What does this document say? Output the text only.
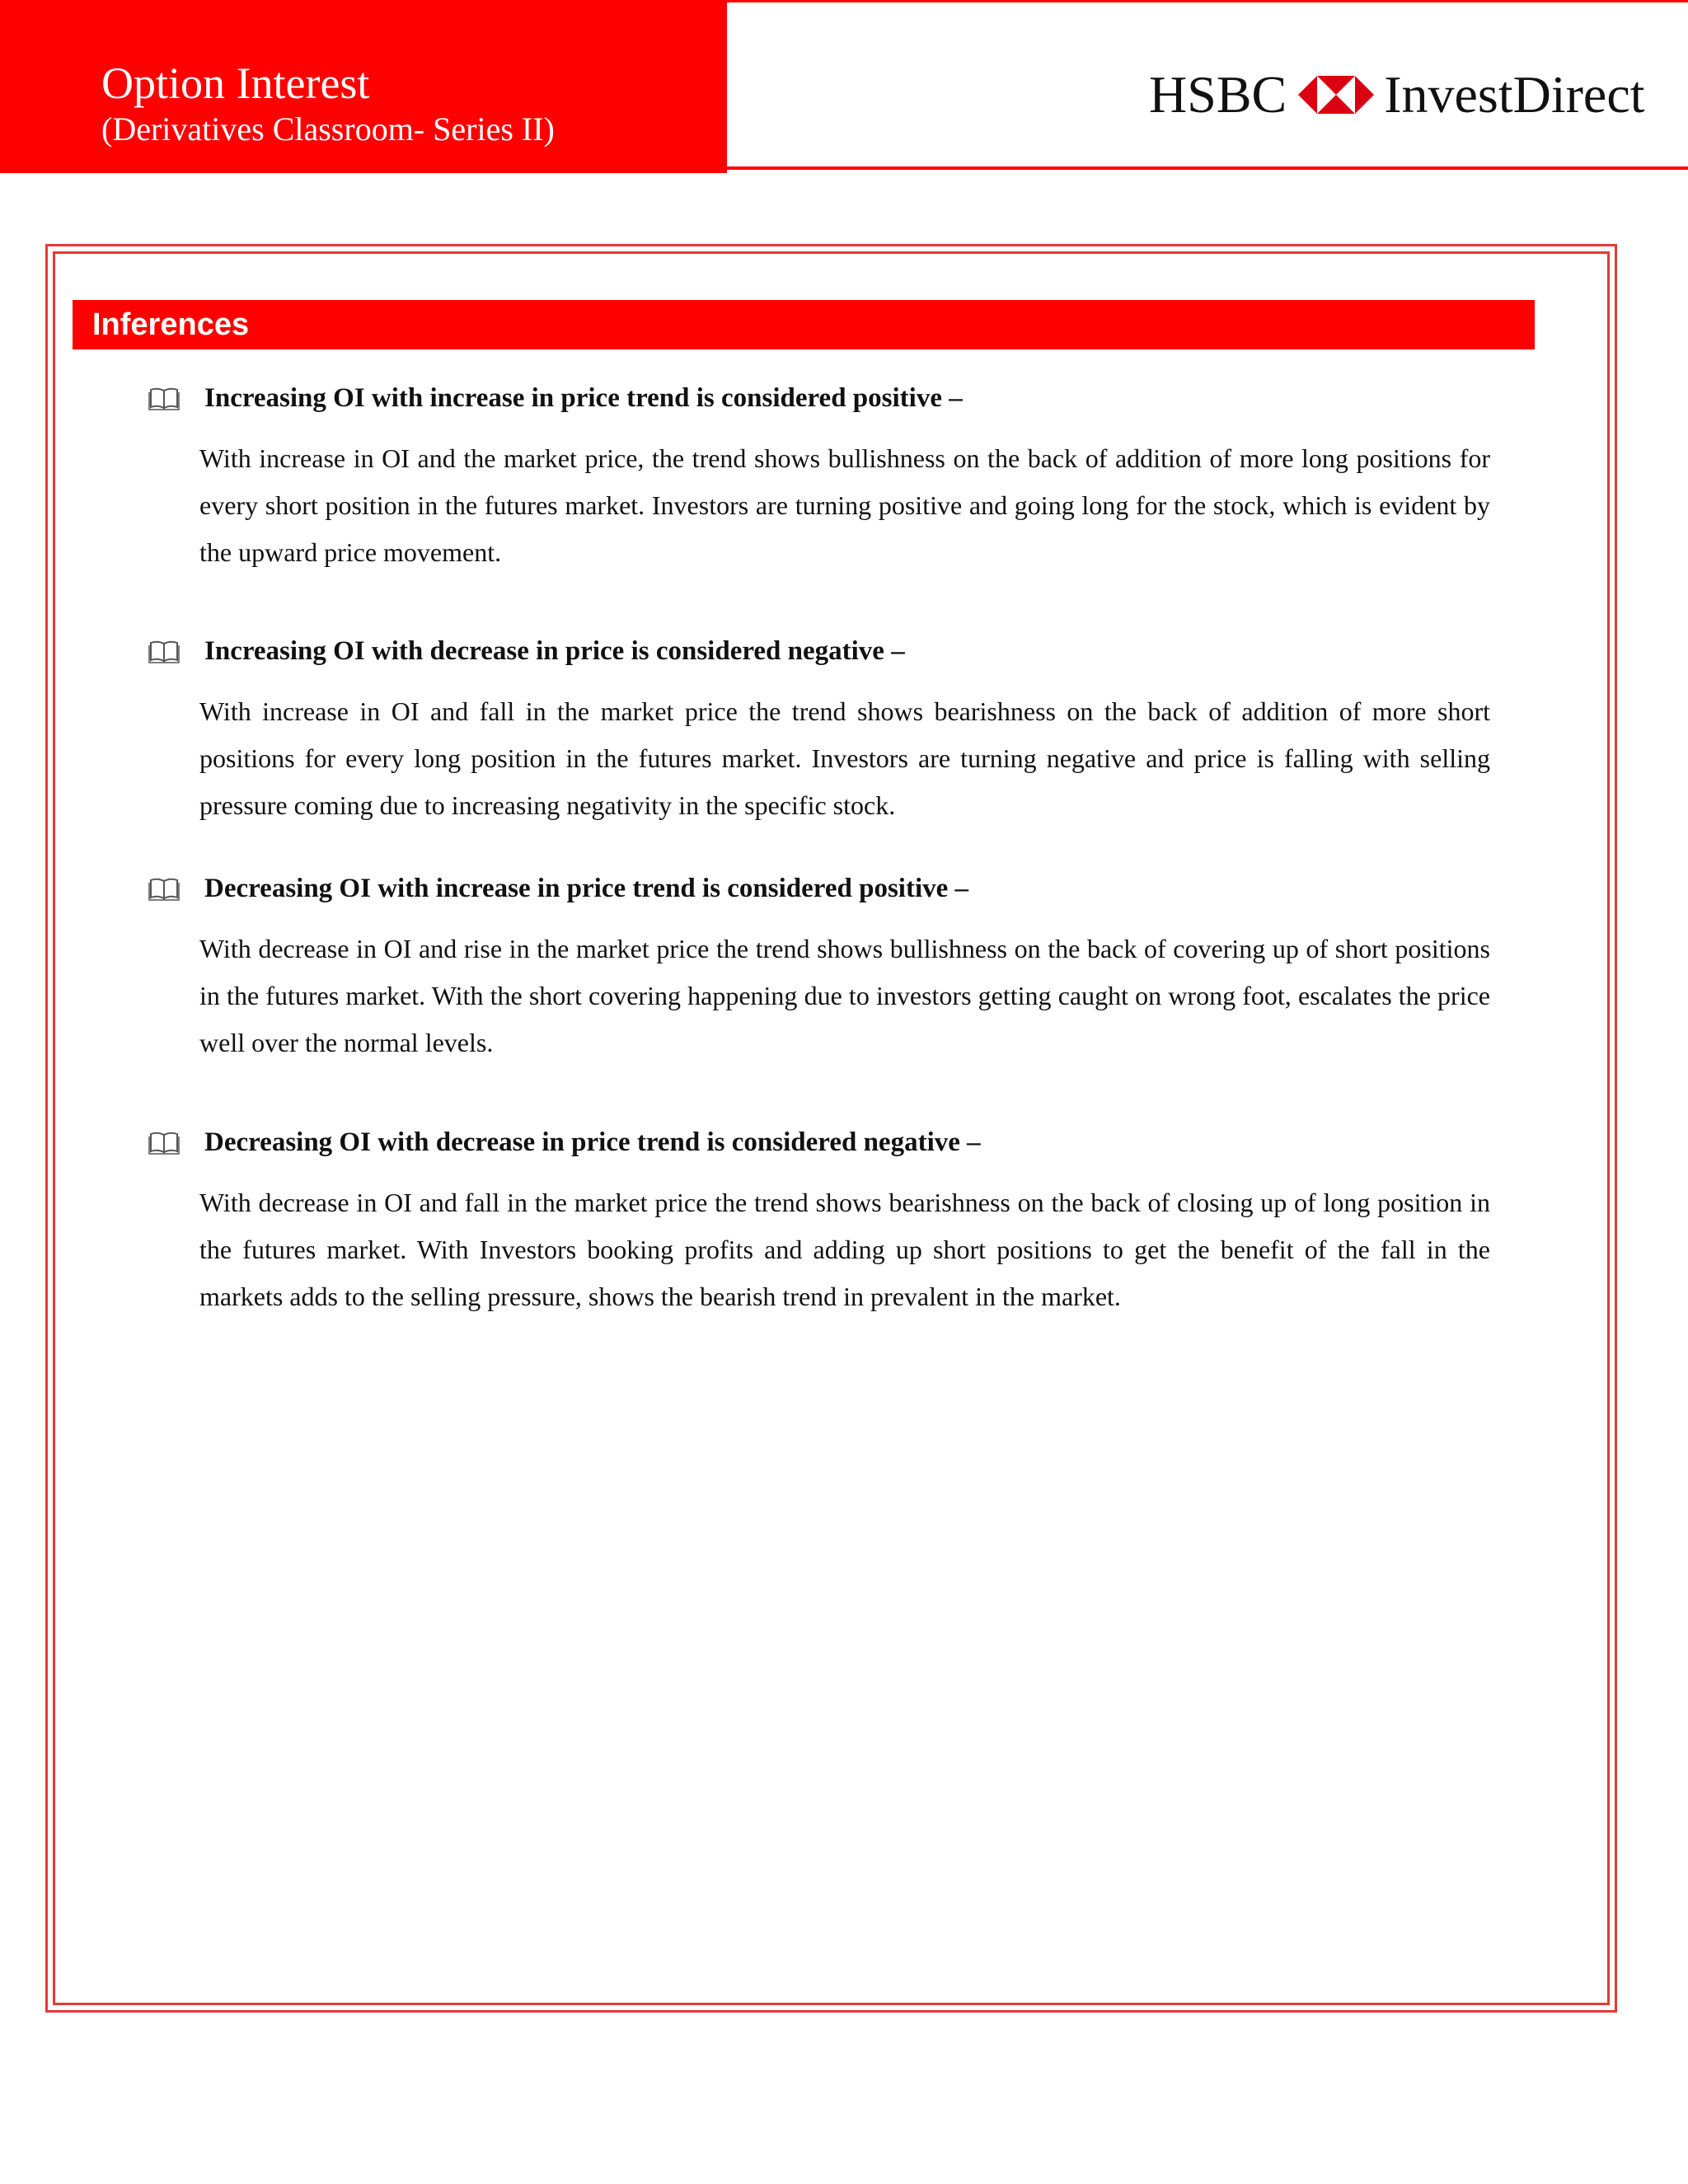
Option Interest
(Derivatives Classroom- Series II)
HSBC InvestDirect
Inferences
Increasing OI with increase in price trend is considered positive –
With increase in OI and the market price, the trend shows bullishness on the back of addition of more long positions for every short position in the futures market. Investors are turning positive and going long for the stock, which is evident by the upward price movement.
Increasing OI with decrease in price is considered negative –
With increase in OI and fall in the market price the trend shows bearishness on the back of addition of more short positions for every long position in the futures market. Investors are turning negative and price is falling with selling pressure coming due to increasing negativity in the specific stock.
Decreasing OI with increase in price trend is considered positive –
With decrease in OI and rise in the market price the trend shows bullishness on the back of covering up of short positions in the futures market. With the short covering happening due to investors getting caught on wrong foot, escalates the price well over the normal levels.
Decreasing OI with decrease in price trend is considered negative –
With decrease in OI and fall in the market price the trend shows bearishness on the back of closing up of long position in the futures market. With Investors booking profits and adding up short positions to get the benefit of the fall in the markets adds to the selling pressure, shows the bearish trend in prevalent in the market.
